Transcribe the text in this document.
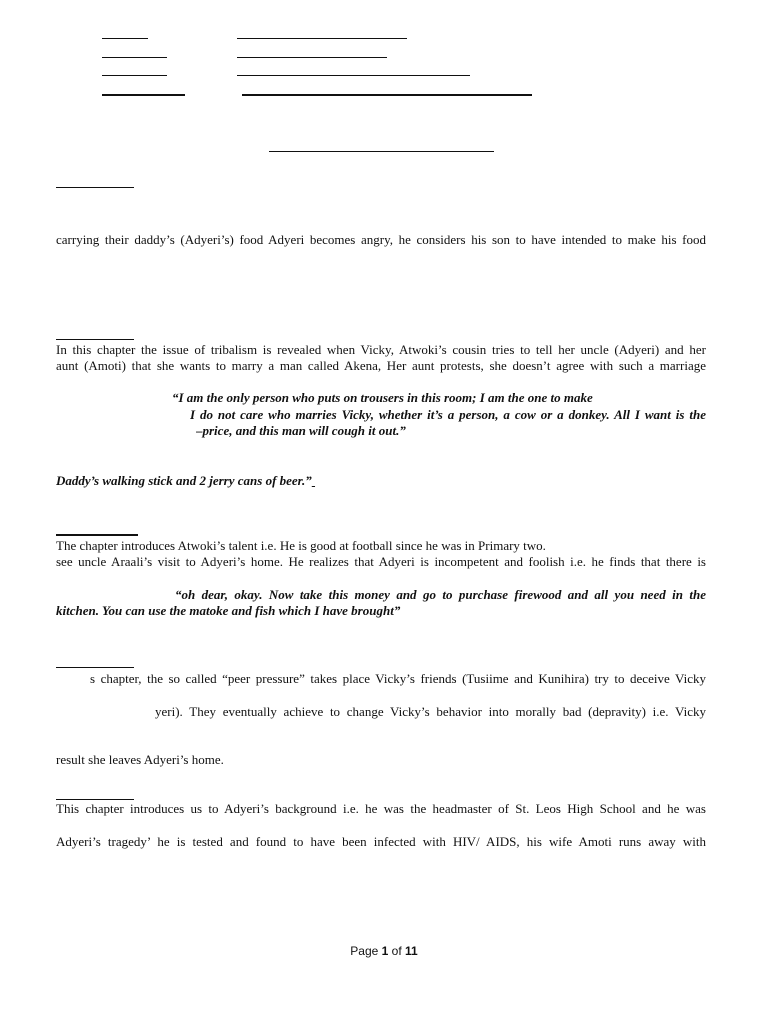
carrying their daddy’s (Adyeri’s) food Adyeri becomes angry, he considers his son to have intended to make his food
In this chapter the issue of tribalism is revealed when Vicky, Atwoki’s cousin tries to tell her uncle (Adyeri) and her
aunt (Amoti) that she wants to marry a man called Akena, Her aunt protests, she doesn’t agree with such a marriage
“I am the only person who puts on trousers in this room; I am the one to make
I do not care who marries Vicky, whether it’s a person, a cow or a donkey. All I want is the
–price, and this man will cough it out.”
Daddy’s walking stick and 2 jerry cans of beer.”
The chapter introduces Atwoki’s talent i.e. He is good at football since he was in Primary two.
see uncle Araali’s visit to Adyeri’s home. He realizes that Adyeri is incompetent and foolish i.e. he finds that there is
“oh dear, okay. Now take this money and go to purchase firewood and all you need in the
kitchen. You can use the matoke and fish which I have brought”
s chapter, the so called “peer pressure” takes place Vicky’s friends (Tusiime and Kunihira) try to deceive Vicky
yeri). They eventually achieve to change Vicky’s behavior into morally bad (depravity) i.e. Vicky
result she leaves Adyeri’s home.
This chapter introduces us to Adyeri’s background i.e. he was the headmaster of St. Leos High School and he was
Adyeri’s tragedy’ he is tested and found to have been infected with HIV/ AIDS, his wife Amoti runs away with
Page 1 of 11
